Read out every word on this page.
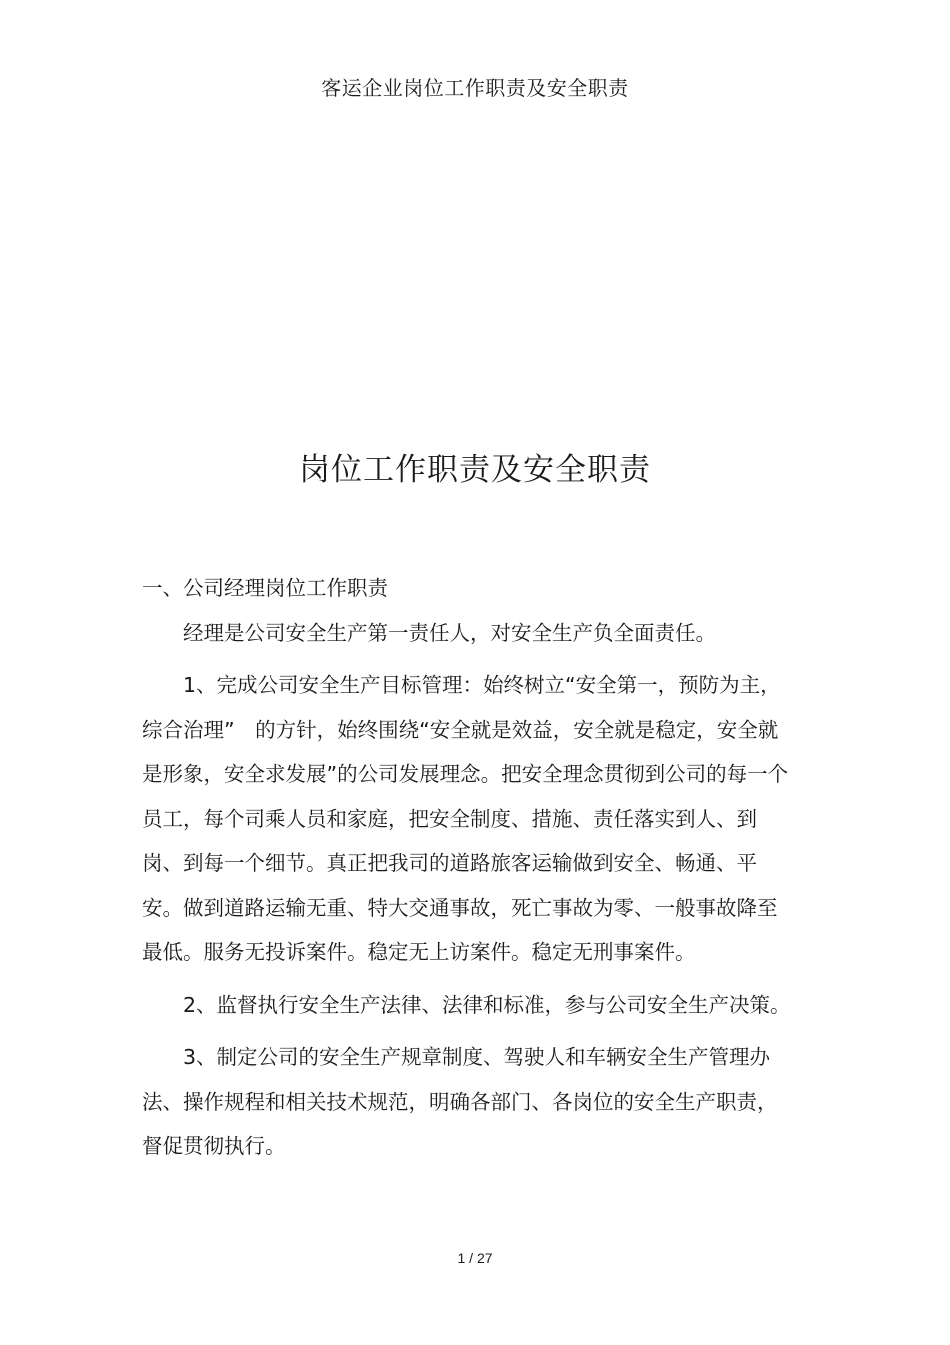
客运企业岗位工作职责及安全职责
岗位工作职责及安全职责

一、公司经理岗位工作职责

经理是公司安全生产第一责任人，对安全生产负全面责任。

1、完成公司安全生产目标管理：始终树立“安全第一，预防为主，综合治理”　的方针，始终围绕“安全就是效益，安全就是稳定，安全就是形象，安全求发展”的公司发展理念。把安全理念贯彻到公司的每一个员工，每个司乘人员和家庭，把安全制度、措施、责任落实到人、到岗、到每一个细节。真正把我司的道路旅客运输做到安全、畅通、平安。做到道路运输无重、特大交通事故，死亡事故为零、一般事故降至最低。服务无投诉案件。稳定无上访案件。稳定无刑事案件。

2、监督执行安全生产法律、法律和标准，参与公司安全生产决策。

3、制定公司的安全生产规章制度、驾驶人和车辆安全生产管理办法、操作规程和相关技术规范，明确各部门、各岗位的安全生产职责，督促贯彻执行。

1 / 27
